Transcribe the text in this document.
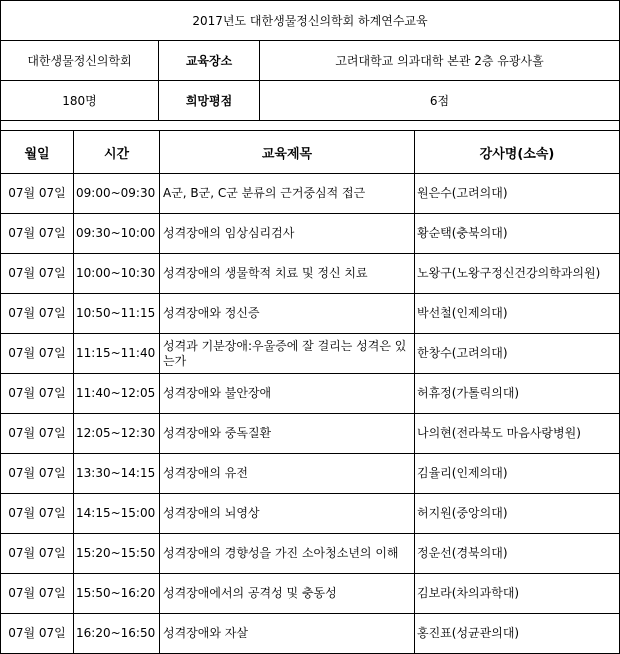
2017년도 대한생물정신의학회 하계연수교육		
대한생물정신의학회	교육장소	고려대학교 의과대학 본관 2층 유광사홀
180명	희망평점	6점
월일	시간	교육제목	강사명(소속)
07월 07일	09:00~09:30	A군, B군, C군 분류의 근거중심적 접근	원은수(고려의대)
07월 07일	09:30~10:00	성격장애의 임상심리검사	황순택(충북의대)
07월 07일	10:00~10:30	성격장애의 생물학적 치료 및 정신 치료	노왕구(노왕구정신건강의학과의원)
07월 07일	10:50~11:15	성격장애와 정신증	박선철(인제의대)
07월 07일	11:15~11:40	성격과 기분장애:우울증에 잘 걸리는 성격은 있는가	한창수(고려의대)
07월 07일	11:40~12:05	성격장애와 불안장애	허휴정(가톨릭의대)
07월 07일	12:05~12:30	성격장애와 중독질환	나의현(전라북도 마음사랑병원)
07월 07일	13:30~14:15	성격장애의 유전	김율리(인제의대)
07월 07일	14:15~15:00	성격장애의 뇌영상	허지원(중앙의대)
07월 07일	15:20~15:50	성격장애의 경향성을 가진 소아청소년의 이해	정운선(경북의대)
07월 07일	15:50~16:20	성격장애에서의 공격성 및 충동성	김보라(차의과학대)
07월 07일	16:20~16:50	성격장애와 자살	홍진표(성균관의대)
